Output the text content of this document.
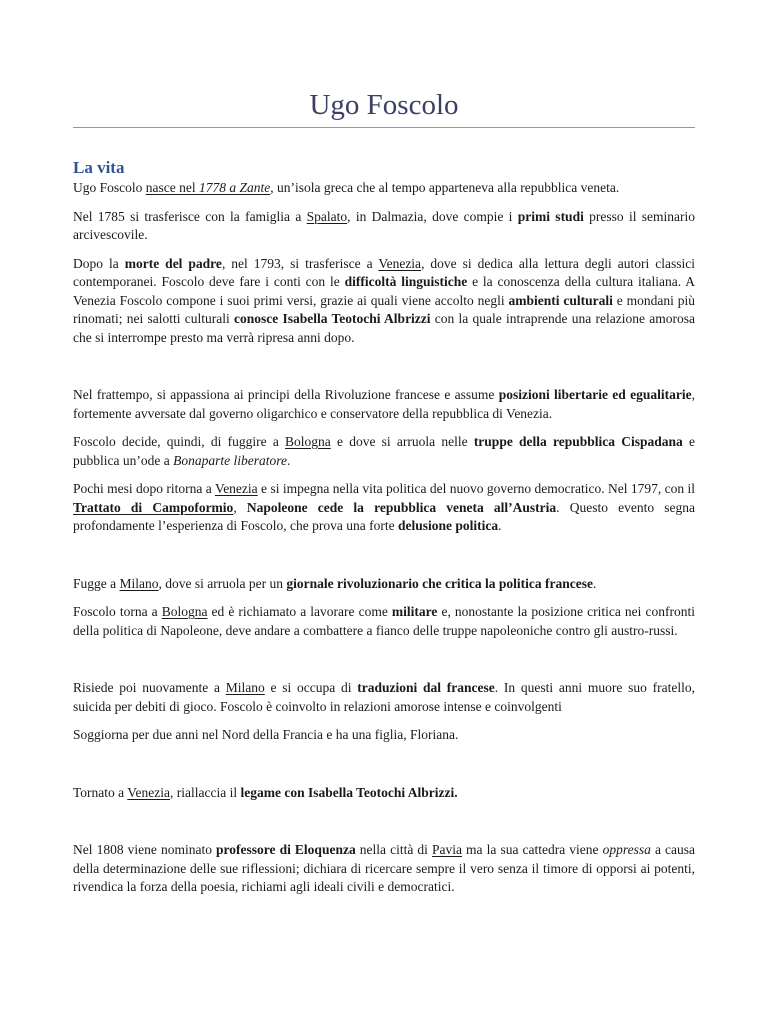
Ugo Foscolo
La vita

Ugo Foscolo nasce nel 1778 a Zante, un’isola greca che al tempo apparteneva alla repubblica veneta.

Nel 1785 si trasferisce con la famiglia a Spalato, in Dalmazia, dove compie i primi studi presso il seminario arcivescovile.

Dopo la morte del padre, nel 1793, si trasferisce a Venezia, dove si dedica alla lettura degli autori classici contemporanei. Foscolo deve fare i conti con le difficoltà linguistiche e la conoscenza della cultura italiana. A Venezia Foscolo compone i suoi primi versi, grazie ai quali viene accolto negli ambienti culturali e mondani più rinomati; nei salotti culturali conosce Isabella Teotochi Albrizzi con la quale intraprende una relazione amorosa che si interrompe presto ma verrà ripresa anni dopo.

Nel frattempo, si appassiona ai principi della Rivoluzione francese e assume posizioni libertarie ed egualitarie, fortemente avversate dal governo oligarchico e conservatore della repubblica di Venezia.

Foscolo decide, quindi, di fuggire a Bologna e dove si arruola nelle truppe della repubblica Cispadana e pubblica un’ode a Bonaparte liberatore.

Pochi mesi dopo ritorna a Venezia e si impegna nella vita politica del nuovo governo democratico. Nel 1797, con il Trattato di Campoformio, Napoleone cede la repubblica veneta all’Austria. Questo evento segna profondamente l’esperienza di Foscolo, che prova una forte delusione politica.

Fugge a Milano, dove si arruola per un giornale rivoluzionario che critica la politica francese.

Foscolo torna a Bologna ed è richiamato a lavorare come militare e, nonostante la posizione critica nei confronti della politica di Napoleone, deve andare a combattere a fianco delle truppe napoleoniche contro gli austro-russi.

Risiede poi nuovamente a Milano e si occupa di traduzioni dal francese. In questi anni muore suo fratello, suicida per debiti di gioco. Foscolo è coinvolto in relazioni amorose intense e coinvolgenti

Soggiorna per due anni nel Nord della Francia e ha una figlia, Floriana.

Tornato a Venezia, riallaccia il legame con Isabella Teotochi Albrizzi.

Nel 1808 viene nominato professore di Eloquenza nella città di Pavia ma la sua cattedra viene oppressa a causa della determinazione delle sue riflessioni; dichiara di ricercare sempre il vero senza il timore di opporsi ai potenti, rivendica la forza della poesia, richiami agli ideali civili e democratici.
